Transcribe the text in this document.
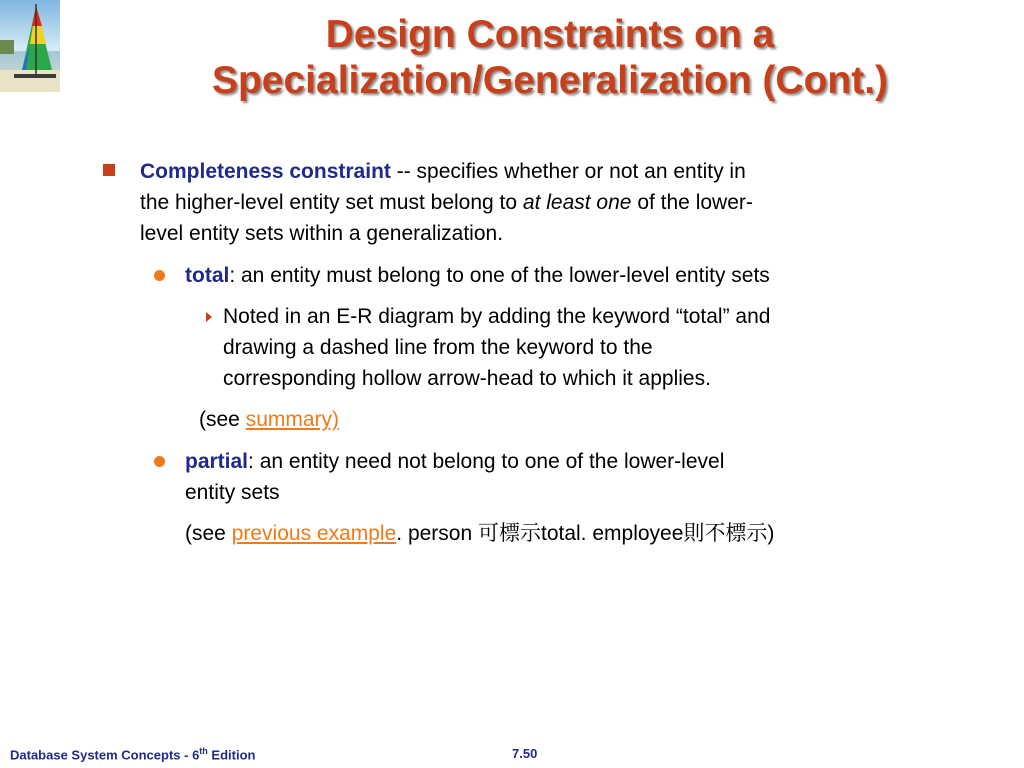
Design Constraints on a
Specialization/Generalization (Cont.)
Completeness constraint -- specifies whether or not an entity in
the higher-level entity set must belong to at least one of the lower-
level entity sets within a generalization.
total: an entity must belong to one of the lower-level entity sets
Noted in an E-R diagram by adding the keyword “total” and
drawing a dashed line from the keyword to the
corresponding hollow arrow-head to which it applies.
(see summary)
partial: an entity need not belong to one of the lower-level
entity sets
(see previous example. person 可標示total. employee則不標示)
Database System Concepts - 6th Edition	7.50
